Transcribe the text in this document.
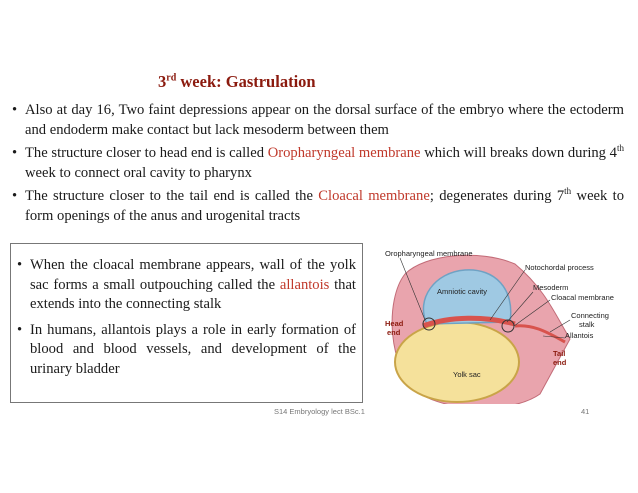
3rd week: Gastrulation
• Also at day 16, Two faint depressions appear on the dorsal surface of the embryo where the ectoderm and endoderm make contact but lack mesoderm between them
• The structure closer to head end is called Oropharyngeal membrane which will breaks down during 4th week to connect oral cavity to pharynx
• The structure closer to the tail end is called the Cloacal membrane; degenerates during 7th week to form openings of the anus and urogenital tracts
• When the cloacal membrane appears, wall of the yolk sac forms a small outpouching called the allantois that extends into the connecting stalk
• In humans, allantois plays a role in early formation of blood and blood vessels, and development of the urinary bladder
S14 Embryology lect BSc.1	41
Oropharyngeal membrane
Notochordal process
Amniotic cavity	Mesoderm
Cloacal membrane
Connecting
stalk
Allantois
Head
end
Tail
end
Yolk sac
